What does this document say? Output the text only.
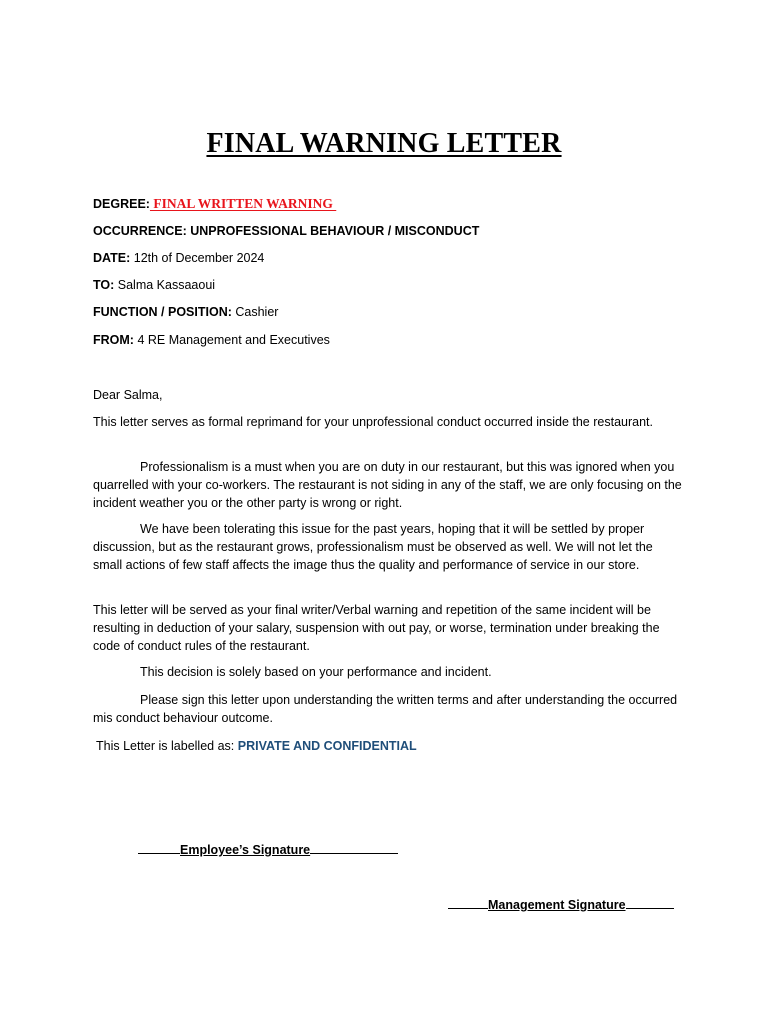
FINAL WARNING LETTER
DEGREE: FINAL WRITTEN WARNING
OCCURRENCE: UNPROFESSIONAL BEHAVIOUR / MISCONDUCT
DATE: 12th of December 2024
TO: Salma Kassaaoui
FUNCTION / POSITION: Cashier
FROM: 4 RE Management and Executives
Dear Salma,
This letter serves as formal reprimand for your unprofessional conduct occurred inside the restaurant.
Professionalism is a must when you are on duty in our restaurant, but this was ignored when you quarrelled with your co-workers. The restaurant is not siding in any of the staff, we are only focusing on the incident weather you or the other party is wrong or right.
We have been tolerating this issue for the past years, hoping that it will be settled by proper discussion, but as the restaurant grows, professionalism must be observed as well. We will not let the small actions of few staff affects the image thus the quality and performance of service in our store.
This letter will be served as your final writer/Verbal warning and repetition of the same incident will be resulting in deduction of your salary, suspension with out pay, or worse, termination under breaking the code of conduct rules of the restaurant.
This decision is solely based on your performance and incident.
Please sign this letter upon understanding the written terms and after understanding the occurred mis conduct behaviour outcome.
This Letter is labelled as: PRIVATE AND CONFIDENTIAL
Employee’s Signature
Management Signature
